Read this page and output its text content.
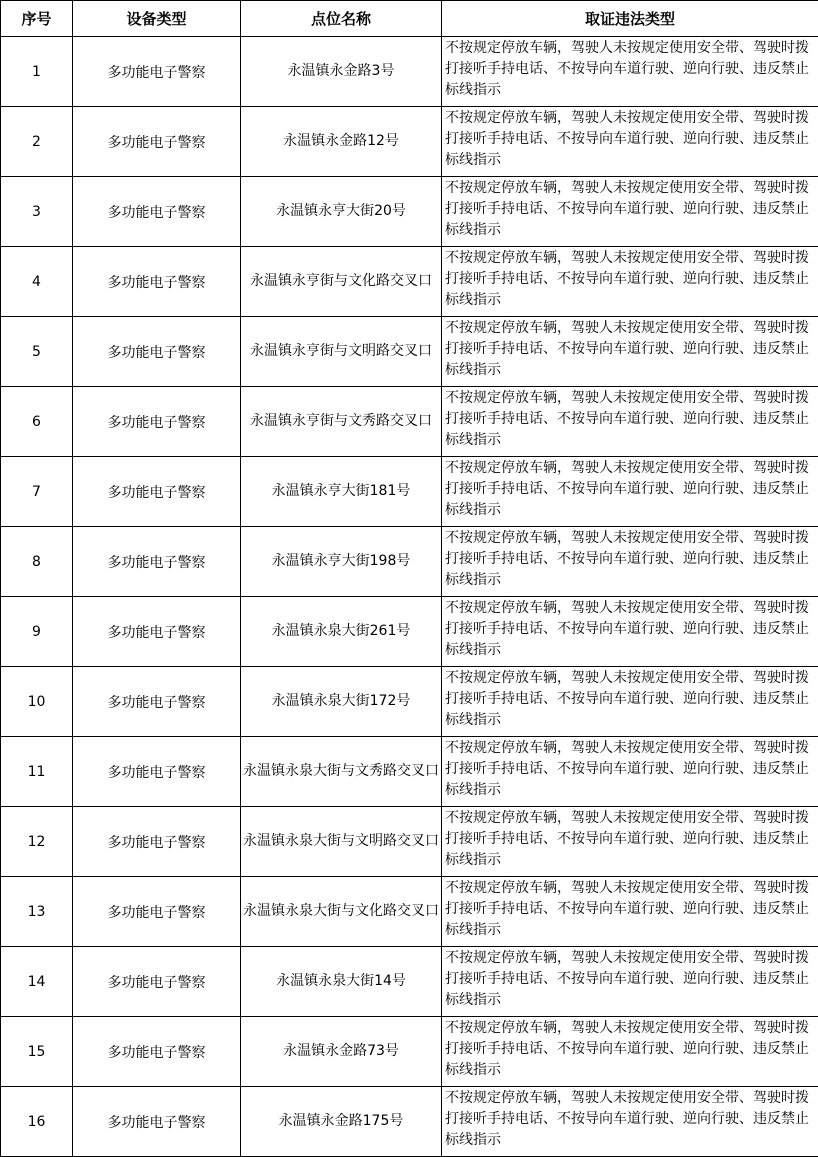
序号	设备类型	点位名称	取证违法类型
1	多功能电子警察	永温镇永金路3号	不按规定停放车辆，驾驶人未按规定使用安全带、驾驶时拨打接听手持电话、不按导向车道行驶、逆向行驶、违反禁止标线指示
2	多功能电子警察	永温镇永金路12号	不按规定停放车辆，驾驶人未按规定使用安全带、驾驶时拨打接听手持电话、不按导向车道行驶、逆向行驶、违反禁止标线指示
3	多功能电子警察	永温镇永亨大街20号	不按规定停放车辆，驾驶人未按规定使用安全带、驾驶时拨打接听手持电话、不按导向车道行驶、逆向行驶、违反禁止标线指示
4	多功能电子警察	永温镇永亨街与文化路交叉口	不按规定停放车辆，驾驶人未按规定使用安全带、驾驶时拨打接听手持电话、不按导向车道行驶、逆向行驶、违反禁止标线指示
5	多功能电子警察	永温镇永亨街与文明路交叉口	不按规定停放车辆，驾驶人未按规定使用安全带、驾驶时拨打接听手持电话、不按导向车道行驶、逆向行驶、违反禁止标线指示
6	多功能电子警察	永温镇永亨街与文秀路交叉口	不按规定停放车辆，驾驶人未按规定使用安全带、驾驶时拨打接听手持电话、不按导向车道行驶、逆向行驶、违反禁止标线指示
7	多功能电子警察	永温镇永亨大街181号	不按规定停放车辆，驾驶人未按规定使用安全带、驾驶时拨打接听手持电话、不按导向车道行驶、逆向行驶、违反禁止标线指示
8	多功能电子警察	永温镇永亨大街198号	不按规定停放车辆，驾驶人未按规定使用安全带、驾驶时拨打接听手持电话、不按导向车道行驶、逆向行驶、违反禁止标线指示
9	多功能电子警察	永温镇永泉大街261号	不按规定停放车辆，驾驶人未按规定使用安全带、驾驶时拨打接听手持电话、不按导向车道行驶、逆向行驶、违反禁止标线指示
10	多功能电子警察	永温镇永泉大街172号	不按规定停放车辆，驾驶人未按规定使用安全带、驾驶时拨打接听手持电话、不按导向车道行驶、逆向行驶、违反禁止标线指示
11	多功能电子警察	永温镇永泉大街与文秀路交叉口	不按规定停放车辆，驾驶人未按规定使用安全带、驾驶时拨打接听手持电话、不按导向车道行驶、逆向行驶、违反禁止标线指示
12	多功能电子警察	永温镇永泉大街与文明路交叉口	不按规定停放车辆，驾驶人未按规定使用安全带、驾驶时拨打接听手持电话、不按导向车道行驶、逆向行驶、违反禁止标线指示
13	多功能电子警察	永温镇永泉大街与文化路交叉口	不按规定停放车辆，驾驶人未按规定使用安全带、驾驶时拨打接听手持电话、不按导向车道行驶、逆向行驶、违反禁止标线指示
14	多功能电子警察	永温镇永泉大街14号	不按规定停放车辆，驾驶人未按规定使用安全带、驾驶时拨打接听手持电话、不按导向车道行驶、逆向行驶、违反禁止标线指示
15	多功能电子警察	永温镇永金路73号	不按规定停放车辆，驾驶人未按规定使用安全带、驾驶时拨打接听手持电话、不按导向车道行驶、逆向行驶、违反禁止标线指示
16	多功能电子警察	永温镇永金路175号	不按规定停放车辆，驾驶人未按规定使用安全带、驾驶时拨打接听手持电话、不按导向车道行驶、逆向行驶、违反禁止标线指示
